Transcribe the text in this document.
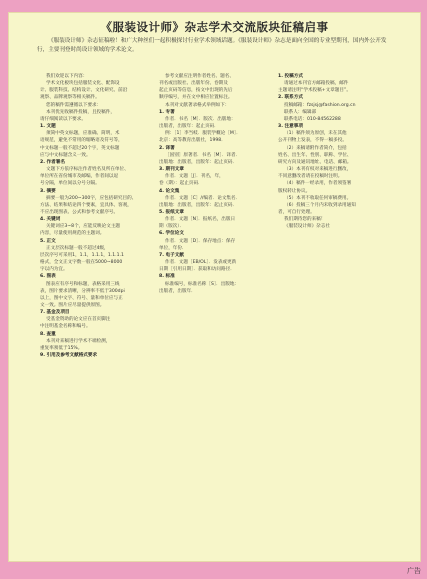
《服装设计师》杂志学术交流版块征稿启事
《服装设计师》杂志征稿啦！和广大种丝们一起积极探讨行业学术领域话题。《服装设计师》杂志是面向全国的专业型期刊，国内外公开发行，主要刊登时尚设计领域的学术论文。

我们欢迎以下内容：

学术文化板块包括服装文化、配饰设

计、服装科技、结构设计、文化研究、前沿

观察、品牌观察等相关稿件。

您的稿件需遵循以下要求：

本刊优先收稿件投稿，且投稿件，

请仔细阅读以下要求。

1. 文题

须简中英文标题，应准确、简明，术

语规范，避免不常用的缩略语及符号等，

中文标题一般不超过20个字，英文标题

应与中文标题含义一致。

2. 作者署名

文题下方依序标注作者姓名及所在单位、

单位所在省份城市及邮编，作者间以逗

号分隔，单位间以分号分隔。

3. 摘要

摘要一般为200~300字，应包括研究目的、

方法、结果和结论四个要素，宜具体、客观，

不应出现图表、公式和参考文献序号。

4. 关键词

关键词应3~8个，应能反映论文主题

内容，尽量使用规范的主题词。

5. 正文

正文层次标题一般不超过4级，

层次序号可采用1，1.1，1.1.1，1.1.1.1

格式，全文正文字数一般在5000~8000

字以内为宜。

6. 图表

图表应有序号和标题，表格采用三线

表，图片要求清晰，分辨率不低于300dpi

以上，图中文字、符号、量和单位应与正

文一致。图片应尽量提供原图。

7. 基金及项目

受基金资助的论文应在首页脚注

中注明基金名称和编号。

8. 查重

本刊对来稿进行学术不端检测，

重复率须低于15%。

9. 引用及参考文献格式要求

参考文献应注明作者姓名、题名、

刊名或出版社、出版年份、卷期及

起止页码等信息，按文中出现的先后

顺序编号，并在文中相应位置标注。

本刊对文献著录格式举例如下：

1. 专著

作者．书名［M］．版次．出版地：

出版者，出版年：起止页码．

例：［1］李当岐．服装学概论［M］．

北京：高等教育出版社，1998．

2. 译著

［国别］原著者．书名［M］．译者．

出版地：出版者，出版年：起止页码．

3. 期刊文章

作者．文题［J］．刊名，年，

卷（期）：起止页码．

4. 论文集

作者．文题［C］//编者．论文集名．

出版地：出版者，出版年：起止页码．

5. 报纸文章

作者．文题［N］．报纸名，出版日

期（版次）．

6. 学位论文

作者．文题［D］．保存地点：保存

单位，年份．

7. 电子文献

作者．文题［EB/OL］．发表或更新

日期［引用日期］．获取和访问路径．

8. 标准

标准编号，标准名称［S］．出版地：

出版者，出版年．

1. 投稿方式

请通过本刊官方邮箱投稿，邮件

主题请注明“学术投稿+文章题目”。

2. 联系方式

投稿邮箱：fzsjsj@fashion.org.cn

联系人：编辑部

联系电话：010-84562288

3. 注意事项

（1）稿件须为原创，未在其他

公开刊物上发表，不得一稿多投。

（2）来稿请附作者简介，包括

姓名、出生年、性别、职称、学位、

研究方向及通讯地址、电话、邮箱。

（3）本刊有权对来稿进行删改，

不同意删改者请在投稿时注明。

（4）稿件一经录用，作者须签署

版权转让协议。

（5）本刊不收取任何审稿费用。

（6）投稿三个月内未收到录用通知

者，可自行处理。

我们期待您的来稿！

《服装设计师》杂志社

广告
